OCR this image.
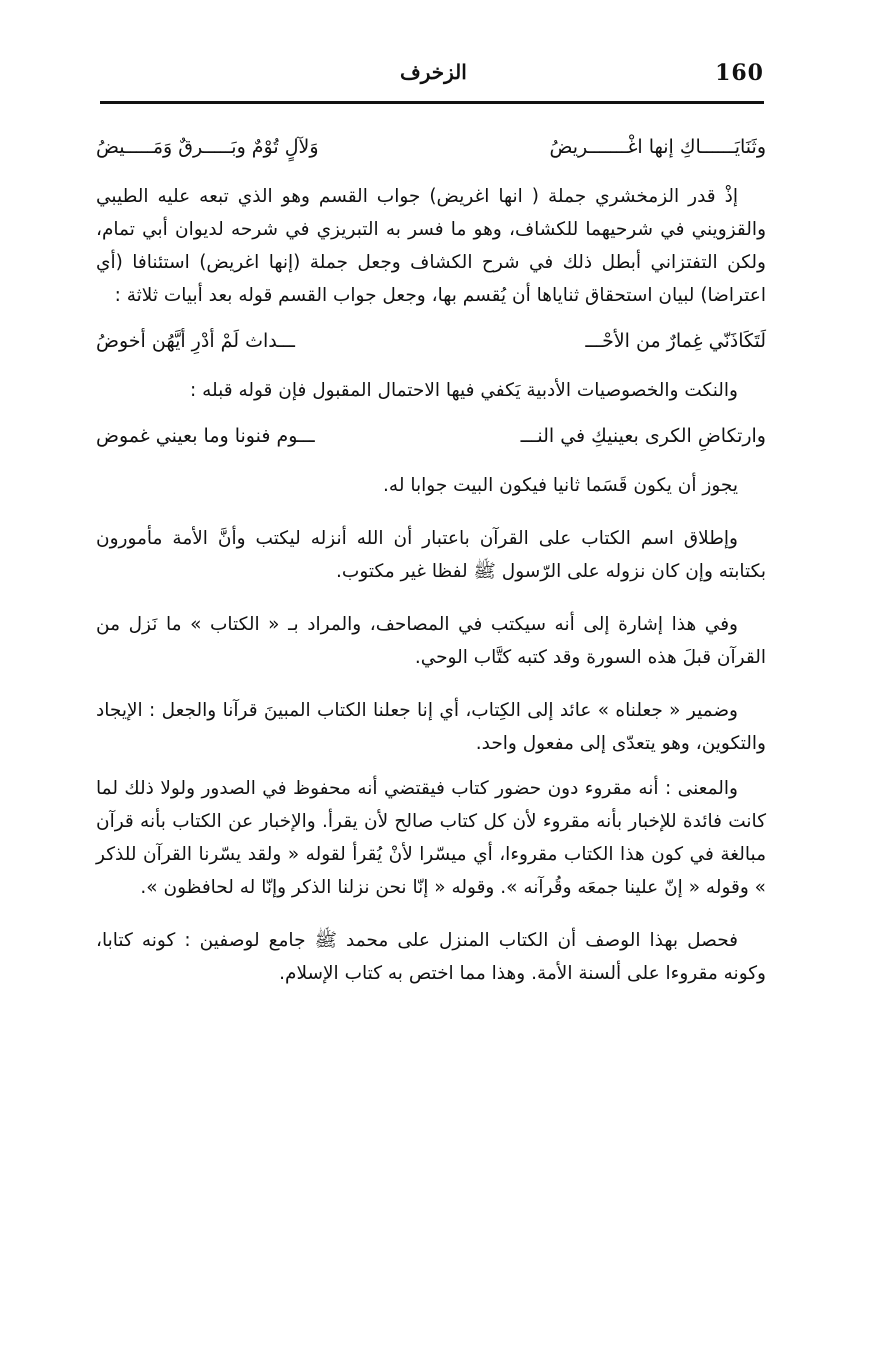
160
الزخرف
وثَنَايَــــــاكِ إنها اغْـــــــريضُ
وَلآلٍ تُوْمٌ وبَـــــرقٌ وَمَـــــيضُ

إذْ قدر الزمخشري جملة ( انها اغريض) جواب القسم وهو الذي تبعه عليه الطيبي والقزويني في شرحيهما للكشاف، وهو ما فسر به التبريزي في شرحه لديوان أبي تمام، ولكن التفتزاني أبطل ذلك في شرح الكشاف وجعل جملة (إنها اغريض) استئنافا (أي اعتراضا) لبيان استحقاق ثناياها أن يُقسم بها، وجعل جواب القسم قوله بعد أبيات ثلاثة :

لَتَكَاذَنّي غِمارٌ من الأحْـــ
ـــداث لَمْ أدْرِ أيَّهُن أخوضُ

والنكت والخصوصيات الأدبية يَكفي فيها الاحتمال المقبول فإن قوله قبله :

وارتكاضِ الكرى بعينيكِ في النـــ
ـــوم فنونا وما بعيني غموض

يجوز أن يكون قَسَما ثانيا فيكون البيت جوابا له.

وإطلاق اسم الكتاب على القرآن باعتبار أن الله أنزله ليكتب وأنَّ الأمة مأمورون بكتابته وإن كان نزوله على الرّسول ﷺ لفظا غير مكتوب.

وفي هذا إشارة إلى أنه سيكتب في المصاحف، والمراد بـ « الكتاب » ما نَزل من القرآن قبلَ هذه السورة وقد كتبه كتَّاب الوحي.

وضمير « جعلناه » عائد إلى الكِتاب، أي إنا جعلنا الكتاب المبينَ قرآنا والجعل : الإيجاد والتكوين، وهو يتعدّى إلى مفعول واحد.

والمعنى : أنه مقروء دون حضور كتاب فيقتضي أنه محفوظ في الصدور ولولا ذلك لما كانت فائدة للإخبار بأنه مقروء لأن كل كتاب صالح لأن يقرأ. والإخبار عن الكتاب بأنه قرآن مبالغة في كون هذا الكتاب مقروءا، أي ميسّرا لأنْ يُقرأ لقوله « ولقد يسّرنا القرآن للذكر » وقوله « إنّ علينا جمعَه وقُرآنه ». وقوله « إنّا نحن نزلنا الذكر وإنّا له لحافظون ».

فحصل بهذا الوصف أن الكتاب المنزل على محمد ﷺ جامع لوصفين : كونه كتابا، وكونه مقروءا على ألسنة الأمة. وهذا مما اختص به كتاب الإسلام.
